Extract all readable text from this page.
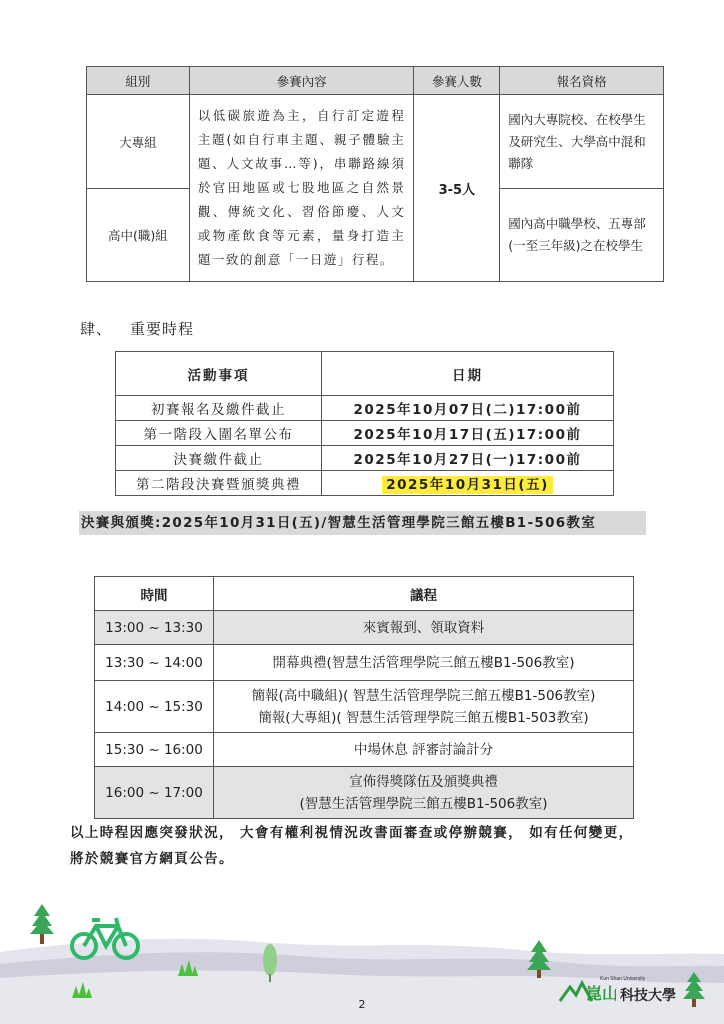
組別	參賽內容	參賽人數	報名資格
大專組	以低碳旅遊為主，自行訂定遊程主題(如自行車主題、親子體驗主題、人文故事…等)，串聯路線須於官田地區或七股地區之自然景觀、傳統文化、習俗節慶、人文或物產飲食等元素，量身打造主題一致的創意「一日遊」行程。	3-5人	國內大專院校、在校學生及研究生、大學高中混和聯隊
高中(職)組			國內高中職學校、五專部(一至三年級)之在校學生
肆、 重要時程
活動事項	日期
初賽報名及繳件截止	2025年10月07日(二)17:00前
第一階段入圍名單公布	2025年10月17日(五)17:00前
決賽繳件截止	2025年10月27日(一)17:00前
第二階段決賽暨頒獎典禮	2025年10月31日(五)
決賽與頒獎:2025年10月31日(五)/智慧生活管理學院三館五樓B1-506教室
時間	議程
13:00 ~ 13:30	來賓報到、領取資料
13:30 ~ 14:00	開幕典禮(智慧生活管理學院三館五樓B1-506教室)
14:00 ~ 15:30	簡報(高中職組)( 智慧生活管理學院三館五樓B1-506教室)
簡報(大專組)( 智慧生活管理學院三館五樓B1-503教室)

15:30 ~ 16:00	中場休息 評審討論計分
16:00 ~ 17:00	宣佈得獎隊伍及頒獎典禮
(智慧生活管理學院三館五樓B1-506教室)
以上時程因應突發狀況， 大會有權利視情況改書面審查或停辦競賽， 如有任何變更， 將於競賽官方網頁公告。
崑山
Kun Shan University
科技大學
2
